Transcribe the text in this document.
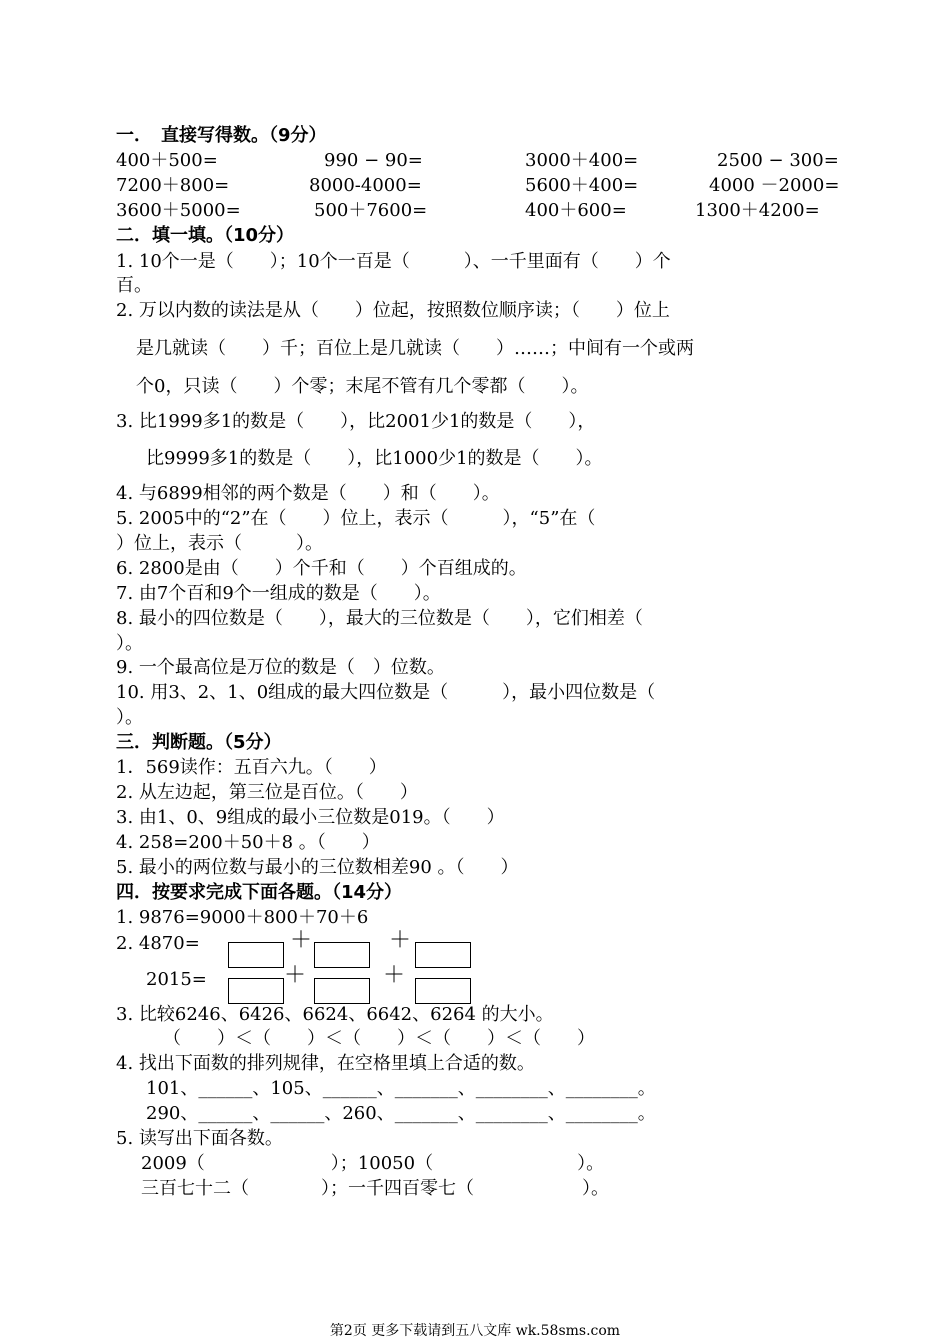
一．　直接写得数。（9分）
400＋500=	990 − 90=	3000＋400=	2500 − 300=
7200＋800=	8000-4000=	5600＋400=	4000 －2000=
3600＋5000=	500＋7600=	400＋600=	1300＋4200=
二．填一填。（10分）
1. 10个一是（　　）；10个一百是（　　　）、一千里面有（　　）个
百。
2. 万以内数的读法是从（　　）位起，按照数位顺序读；（　　）位上
是几就读（　　）千；百位上是几就读（　　）……；中间有一个或两
个0，只读（　　）个零；末尾不管有几个零都（　　）。
3. 比1999多1的数是（　　），比2001少1的数是（　　），
比9999多1的数是（　　），比1000少1的数是（　　）。
4. 与6899相邻的两个数是（　　）和（　　）。
5. 2005中的“2”在（　　）位上，表示（　　　），“5”在（
）位上，表示（　　　）。
6. 2800是由（　　）个千和（　　）个百组成的。
7. 由7个百和9个一组成的数是（　　）。
8. 最小的四位数是（　　），最大的三位数是（　　），它们相差（
）。
9. 一个最高位是万位的数是（　）位数。
10. 用3、2、1、0组成的最大四位数是（　　　），最小四位数是（
）。
三．判断题。（5分）
1．569读作：五百六九。（　　）
2. 从左边起，第三位是百位。（　　）
3. 由1、0、9组成的最小三位数是019。（　　）
4. 258=200＋50＋8 。（　　）
5. 最小的两位数与最小的三位数相差90 。（　　）
四．按要求完成下面各题。（14分）
1. 9876=9000＋800＋70＋6
2. 4870=	＋	＋
2015=	＋	＋
3. 比较6246、6426、6624、6642、6264 的大小。
（　　）＜（　　）＜（　　）＜（　　）＜（　　）
4. 找出下面数的排列规律，在空格里填上合适的数。
101、______、105、______、_______、________、________。
290、______、______、260、_______、________、________。
5. 读写出下面各数。
2009（　　　　　　　）；10050（　　　　　　　　）。
三百七十二（　　　　）；一千四百零七（　　　　　　）。
第2页 更多下载请到五八文库 wk.58sms.com
